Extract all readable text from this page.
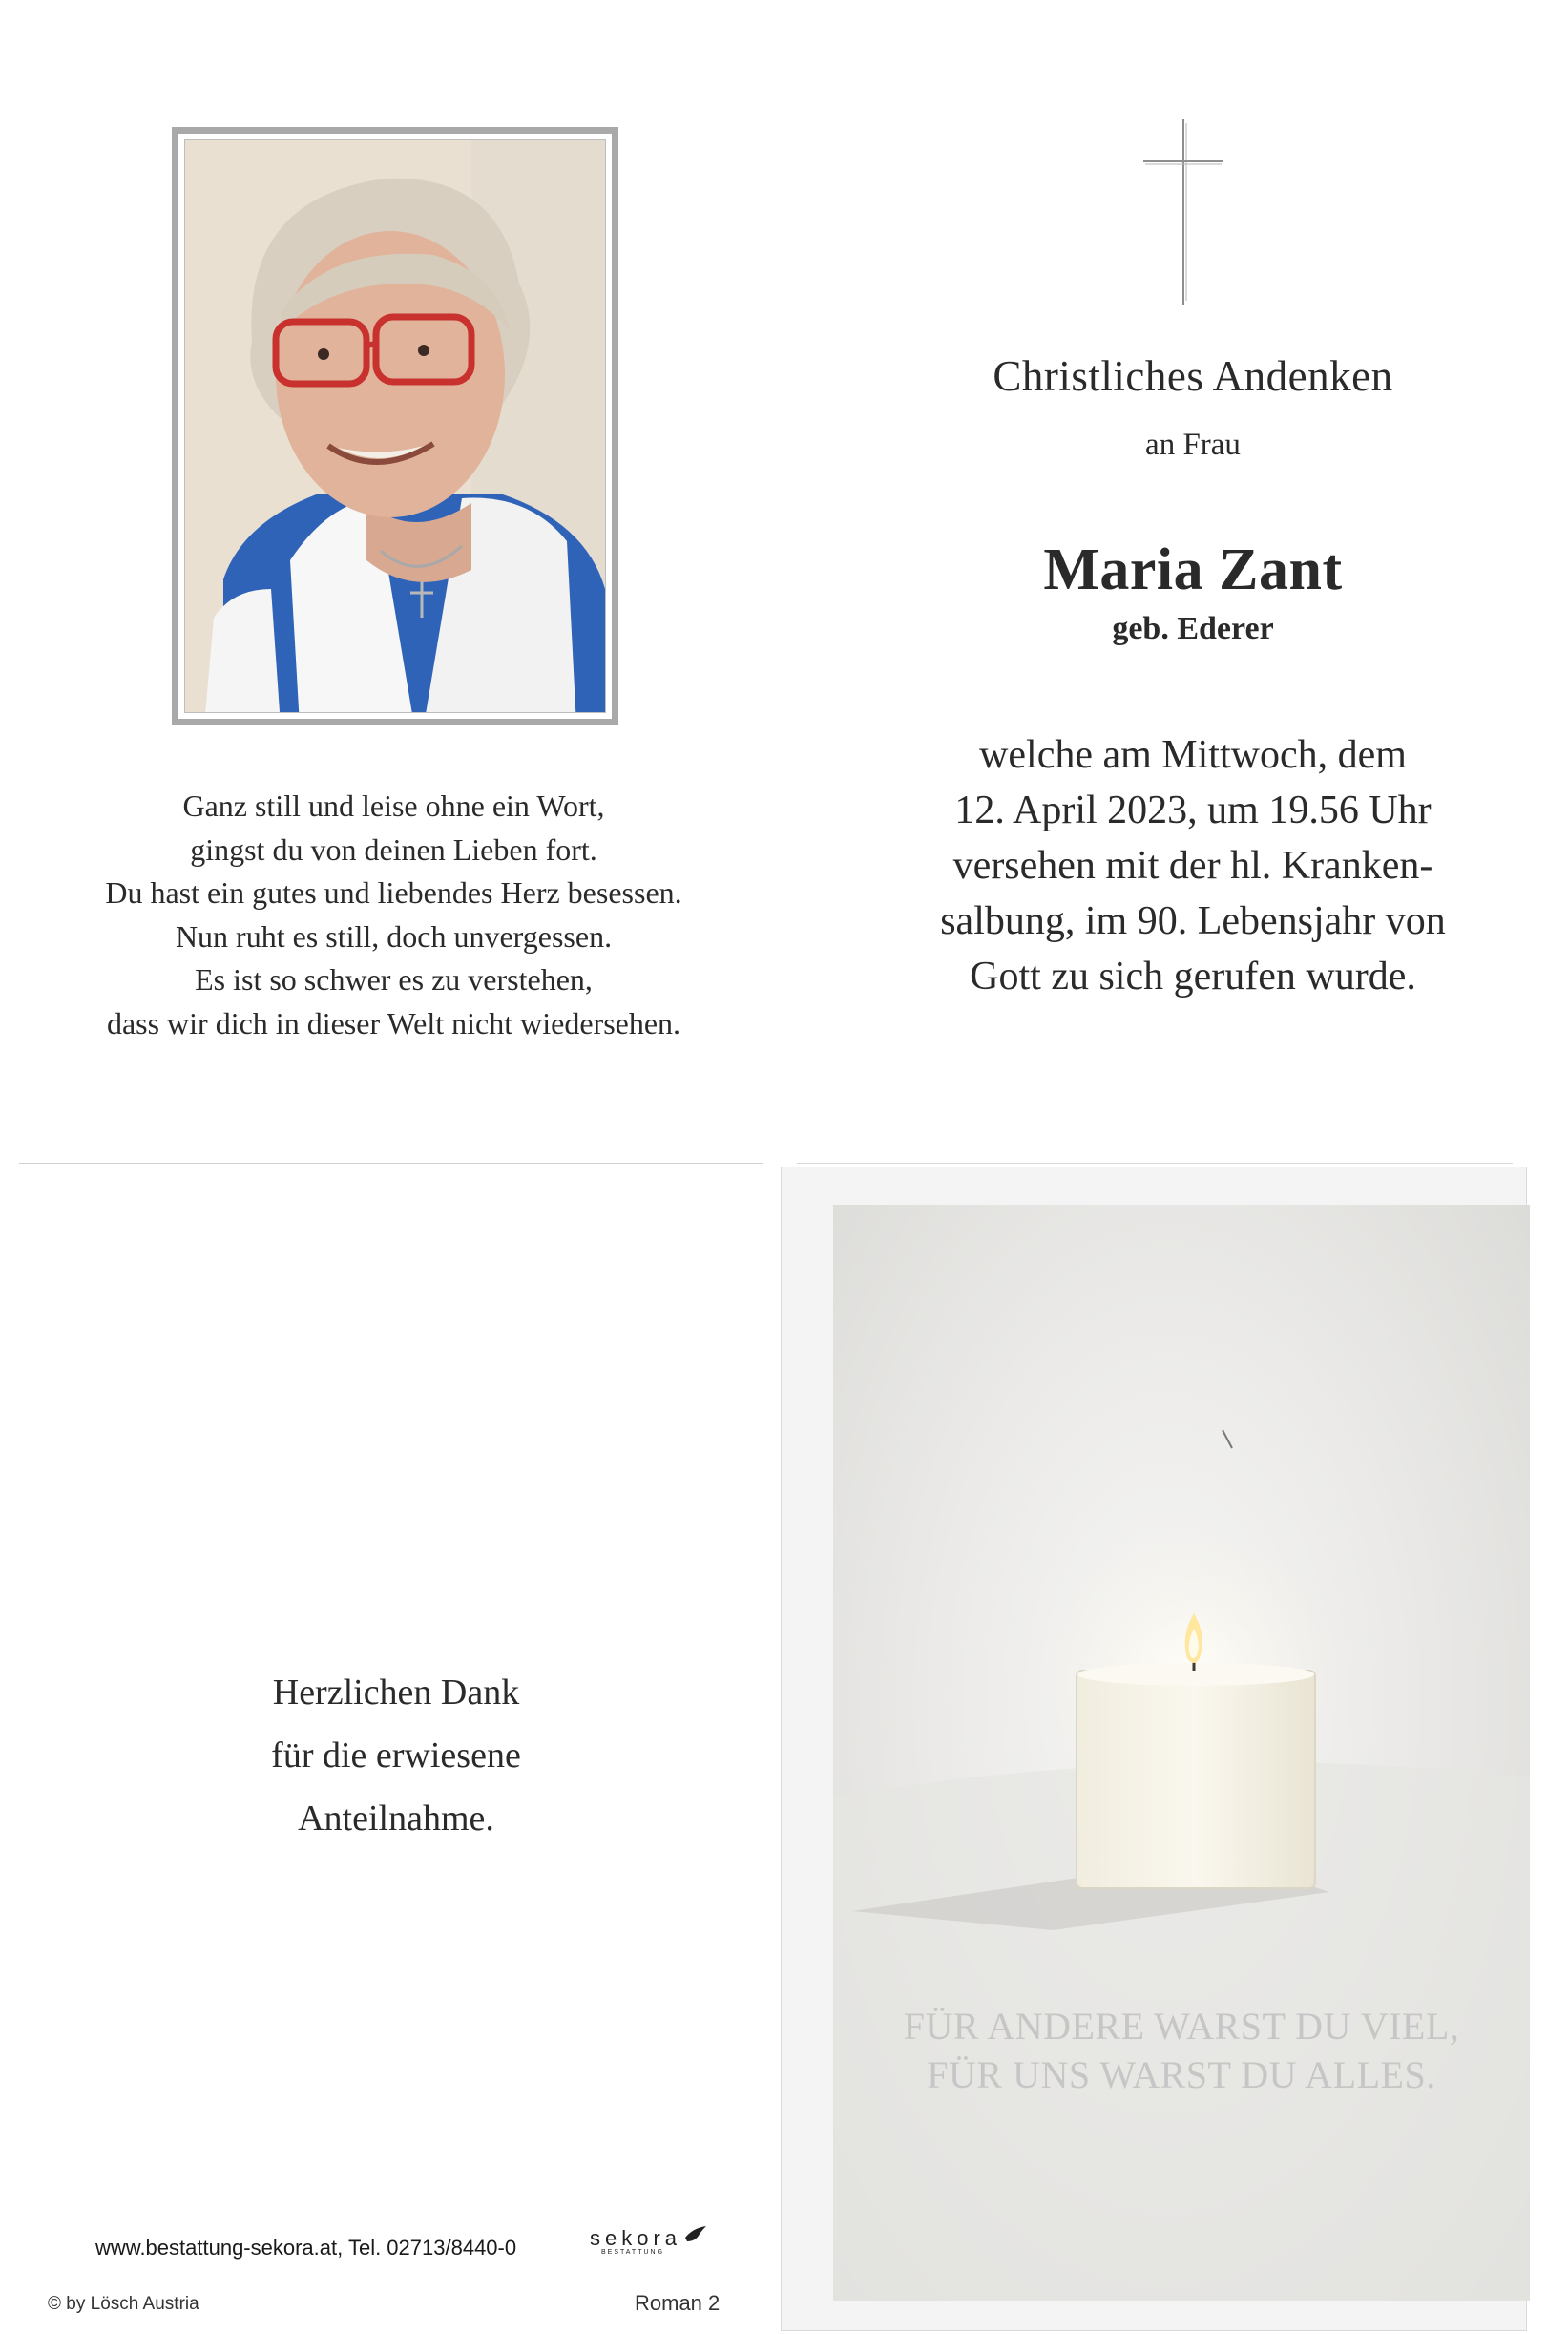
Christliches Andenken
an Frau
Maria Zant
geb. Ederer
welche am Mittwoch, dem
12. April 2023, um 19.56 Uhr
versehen mit der hl. Kranken-
salbung, im 90. Lebensjahr von
Gott zu sich gerufen wurde.
Ganz still und leise ohne ein Wort,
gingst du von deinen Lieben fort.
Du hast ein gutes und liebendes Herz besessen.
Nun ruht es still, doch unvergessen.
Es ist so schwer es zu verstehen,
dass wir dich in dieser Welt nicht wiedersehen.
Herzlichen Dank
für die erwiesene
Anteilnahme.
FÜR ANDERE WARST DU VIEL,
FÜR UNS WARST DU ALLES.
www.bestattung-sekora.at, Tel. 02713/8440-0	sekora
BESTATTUNG
© by Lösch Austria	Roman 2
